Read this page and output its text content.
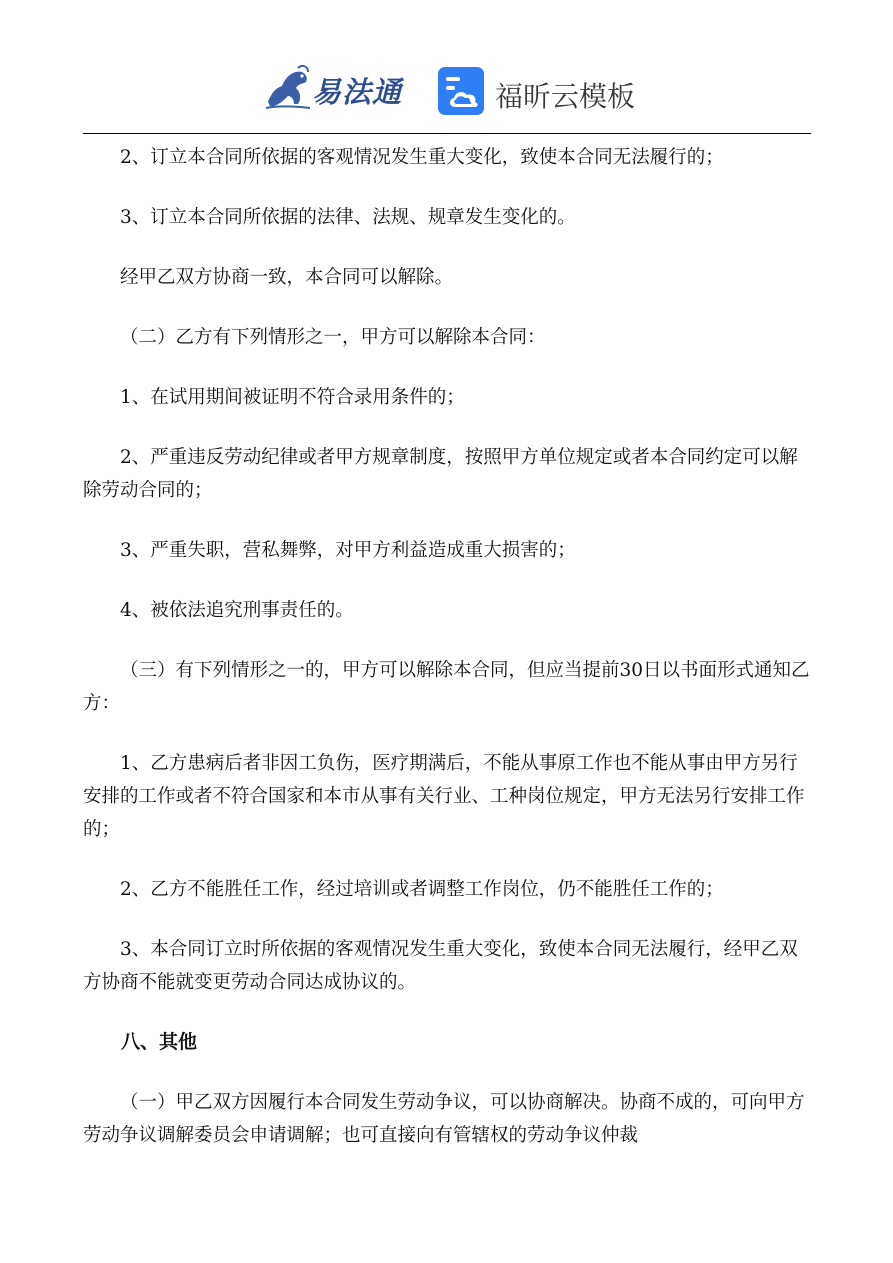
易法通	福昕云模板

2、订立本合同所依据的客观情况发生重大变化，致使本合同无法履行的；

3、订立本合同所依据的法律、法规、规章发生变化的。

经甲乙双方协商一致，本合同可以解除。

（二）乙方有下列情形之一，甲方可以解除本合同：

1、在试用期间被证明不符合录用条件的；

2、严重违反劳动纪律或者甲方规章制度，按照甲方单位规定或者本合同约定可以解除劳动合同的；

3、严重失职，营私舞弊，对甲方利益造成重大损害的；

4、被依法追究刑事责任的。

（三）有下列情形之一的，甲方可以解除本合同，但应当提前30日以书面形式通知乙方：

1、乙方患病后者非因工负伤，医疗期满后，不能从事原工作也不能从事由甲方另行安排的工作或者不符合国家和本市从事有关行业、工种岗位规定，甲方无法另行安排工作的；

2、乙方不能胜任工作，经过培训或者调整工作岗位，仍不能胜任工作的；

3、本合同订立时所依据的客观情况发生重大变化，致使本合同无法履行，经甲乙双方协商不能就变更劳动合同达成协议的。

八、其他

（一）甲乙双方因履行本合同发生劳动争议，可以协商解决。协商不成的，可向甲方劳动争议调解委员会申请调解；也可直接向有管辖权的劳动争议仲裁
